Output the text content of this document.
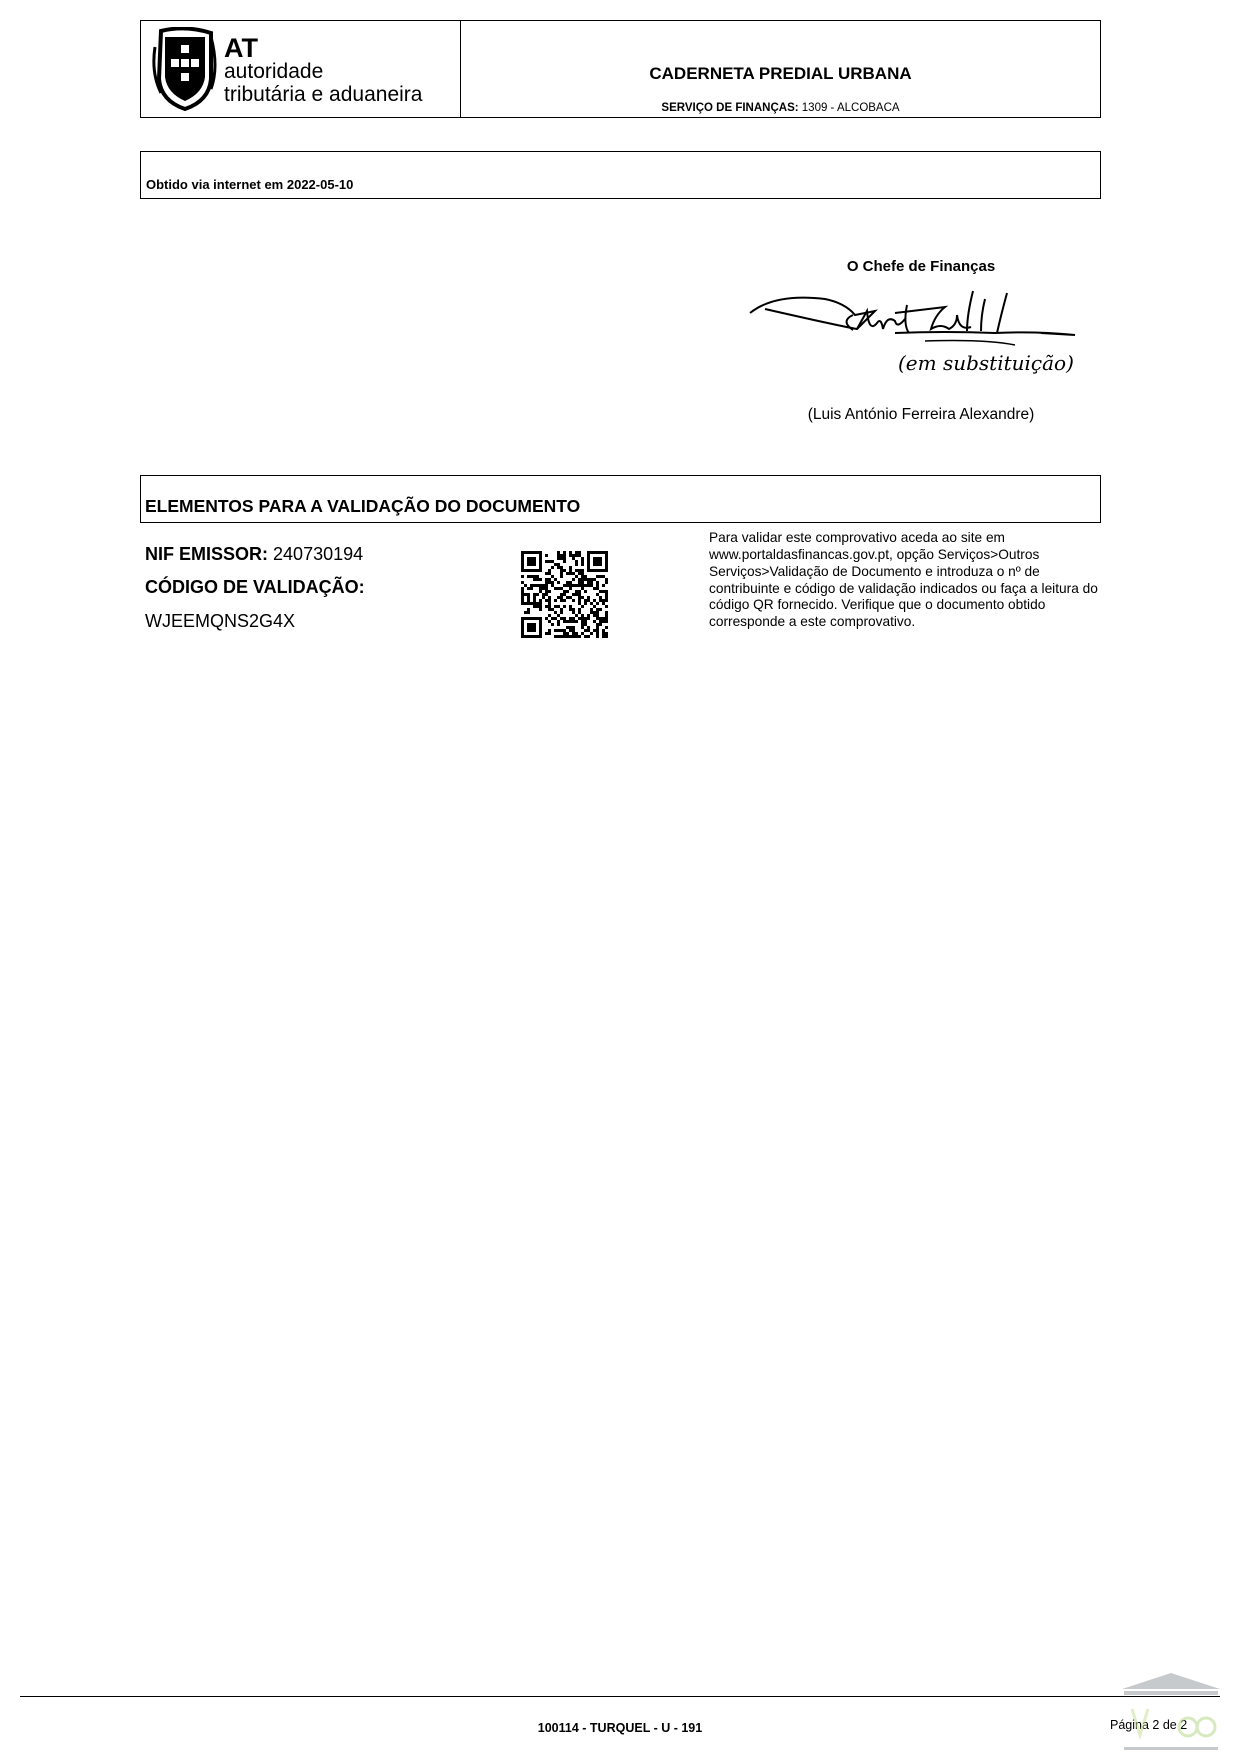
AT
autoridade
tributária e aduaneira
CADERNETA PREDIAL URBANA
SERVIÇO DE FINANÇAS: 1309 - ALCOBACA
Obtido via internet em 2022-05-10
O Chefe de Finanças
(em substituição)
(Luis António Ferreira Alexandre)
ELEMENTOS PARA A VALIDAÇÃO DO DOCUMENTO
NIF EMISSOR: 240730194
CÓDIGO DE VALIDAÇÃO:
WJEEMQNS2G4X
Para validar este comprovativo aceda ao site em www.portaldasfinancas.gov.pt, opção Serviços>Outros Serviços>Validação de Documento e introduza o nº de contribuinte e código de validação indicados ou faça a leitura do código QR fornecido. Verifique que o documento obtido corresponde a este comprovativo.
100114 - TURQUEL - U - 191	Página 2 de 2
